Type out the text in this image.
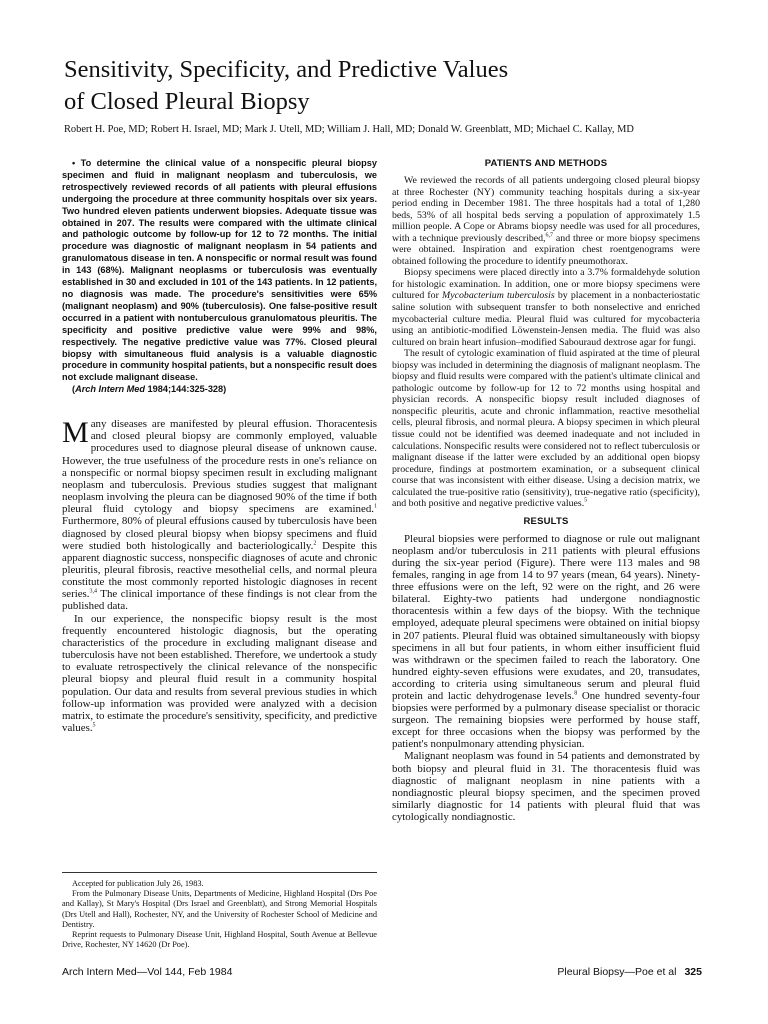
Sensitivity, Specificity, and Predictive Values
of Closed Pleural Biopsy
Robert H. Poe, MD; Robert H. Israel, MD; Mark J. Utell, MD; William J. Hall, MD; Donald W. Greenblatt, MD; Michael C. Kallay, MD

• To determine the clinical value of a nonspecific pleural biopsy specimen and fluid in malignant neoplasm and tuberculosis, we retrospectively reviewed records of all patients with pleural effusions undergoing the procedure at three community hospitals over six years. Two hundred eleven patients underwent biopsies. Adequate tissue was obtained in 207. The results were compared with the ultimate clinical and pathologic outcome by follow-up for 12 to 72 months. The initial procedure was diagnostic of malignant neoplasm in 54 patients and granulomatous disease in ten. A nonspecific or normal result was found in 143 (68%). Malignant neoplasms or tuberculosis was eventually established in 30 and excluded in 101 of the 143 patients. In 12 patients, no diagnosis was made. The procedure's sensitivities were 65% (malignant neoplasm) and 90% (tuberculosis). One false-positive result occurred in a patient with nontuberculous granulomatous pleuritis. The specificity and positive predictive value were 99% and 98%, respectively. The negative predictive value was 77%. Closed pleural biopsy with simultaneous fluid analysis is a valuable diagnostic procedure in community hospital patients, but a nonspecific result does not exclude malignant disease.

(Arch Intern Med 1984;144:325-328)

Many diseases are manifested by pleural effusion. Thoracentesis and closed pleural biopsy are commonly employed, valuable procedures used to diagnose pleural disease of unknown cause. However, the true usefulness of the procedure rests in one's reliance on a nonspecific or normal biopsy specimen result in excluding malignant neoplasm and tuberculosis. Previous studies suggest that malignant neoplasm involving the pleura can be diagnosed 90% of the time if both pleural fluid cytology and biopsy specimens are examined.$^1$ Furthermore, 80% of pleural effusions caused by tuberculosis have been diagnosed by closed pleural biopsy when biopsy specimens and fluid were studied both histologically and bacteriologically.$^2$ Despite this apparent diagnostic success, nonspecific diagnoses of acute and chronic pleuritis, pleural fibrosis, reactive mesothelial cells, and normal pleura constitute the most commonly reported histologic diagnoses in recent series.$^{3,4}$ The clinical importance of these findings is not clear from the published data.

In our experience, the nonspecific biopsy result is the most frequently encountered histologic diagnosis, but the operating characteristics of the procedure in excluding malignant disease and tuberculosis have not been established. Therefore, we undertook a study to evaluate retrospectively the clinical relevance of the nonspecific pleural biopsy and pleural fluid result in a community hospital population. Our data and results from several previous studies in which follow-up information was provided were analyzed with a decision matrix, to estimate the procedure's sensitivity, specificity, and predictive values.$^5$

Accepted for publication July 26, 1983.

From the Pulmonary Disease Units, Departments of Medicine, Highland Hospital (Drs Poe and Kallay), St Mary's Hospital (Drs Israel and Greenblatt), and Strong Memorial Hospitals (Drs Utell and Hall), Rochester, NY, and the University of Rochester School of Medicine and Dentistry.

Reprint requests to Pulmonary Disease Unit, Highland Hospital, South Avenue at Bellevue Drive, Rochester, NY 14620 (Dr Poe).

PATIENTS AND METHODS

We reviewed the records of all patients undergoing closed pleural biopsy at three Rochester (NY) community teaching hospitals during a six-year period ending in December 1981. The three hospitals had a total of 1,280 beds, 53% of all hospital beds serving a population of approximately 1.5 million people. A Cope or Abrams biopsy needle was used for all procedures, with a technique previously described,$^{6,7}$ and three or more biopsy specimens were obtained. Inspiration and expiration chest roentgenograms were obtained following the procedure to identify pneumothorax.

Biopsy specimens were placed directly into a 3.7% formaldehyde solution for histologic examination. In addition, one or more biopsy specimens were cultured for Mycobacterium tuberculosis by placement in a nonbacteriostatic saline solution with subsequent transfer to both nonselective and enriched mycobacterial culture media. Pleural fluid was cultured for mycobacteria using an antibiotic-modified Löwenstein-Jensen media. The fluid was also cultured on brain heart infusion–modified Sabouraud dextrose agar for fungi.

The result of cytologic examination of fluid aspirated at the time of pleural biopsy was included in determining the diagnosis of malignant neoplasm. The biopsy and fluid results were compared with the patient's ultimate clinical and pathologic outcome by follow-up for 12 to 72 months using hospital and physician records. A nonspecific biopsy result included diagnoses of nonspecific pleuritis, acute and chronic inflammation, reactive mesothelial cells, pleural fibrosis, and normal pleura. A biopsy specimen in which pleural tissue could not be identified was deemed inadequate and not included in calculations. Nonspecific results were considered not to reflect tuberculosis or malignant disease if the latter were excluded by an additional open biopsy procedure, findings at postmortem examination, or a subsequent clinical course that was inconsistent with either disease. Using a decision matrix, we calculated the true-positive ratio (sensitivity), true-negative ratio (specificity), and both positive and negative predictive values.$^5$

RESULTS

Pleural biopsies were performed to diagnose or rule out malignant neoplasm and/or tuberculosis in 211 patients with pleural effusions during the six-year period (Figure). There were 113 males and 98 females, ranging in age from 14 to 97 years (mean, 64 years). Ninety-three effusions were on the left, 92 were on the right, and 26 were bilateral. Eighty-two patients had undergone nondiagnostic thoracentesis within a few days of the biopsy. With the technique employed, adequate pleural specimens were obtained on initial biopsy in 207 patients. Pleural fluid was obtained simultaneously with biopsy specimens in all but four patients, in whom either insufficient fluid was withdrawn or the specimen failed to reach the laboratory. One hundred eighty-seven effusions were exudates, and 20, transudates, according to criteria using simultaneous serum and pleural fluid protein and lactic dehydrogenase levels.$^8$ One hundred seventy-four biopsies were performed by a pulmonary disease specialist or thoracic surgeon. The remaining biopsies were performed by house staff, except for three occasions when the biopsy was performed by the patient's nonpulmonary attending physician.

Malignant neoplasm was found in 54 patients and demonstrated by both biopsy and pleural fluid in 31. The thoracentesis fluid was diagnostic of malignant neoplasm in nine patients with a nondiagnostic pleural biopsy specimen, and the specimen proved similarly diagnostic for 14 patients with pleural fluid that was cytologically nondiagnostic.

Arch Intern Med—Vol 144, Feb 1984	Pleural Biopsy—Poe et al 325
